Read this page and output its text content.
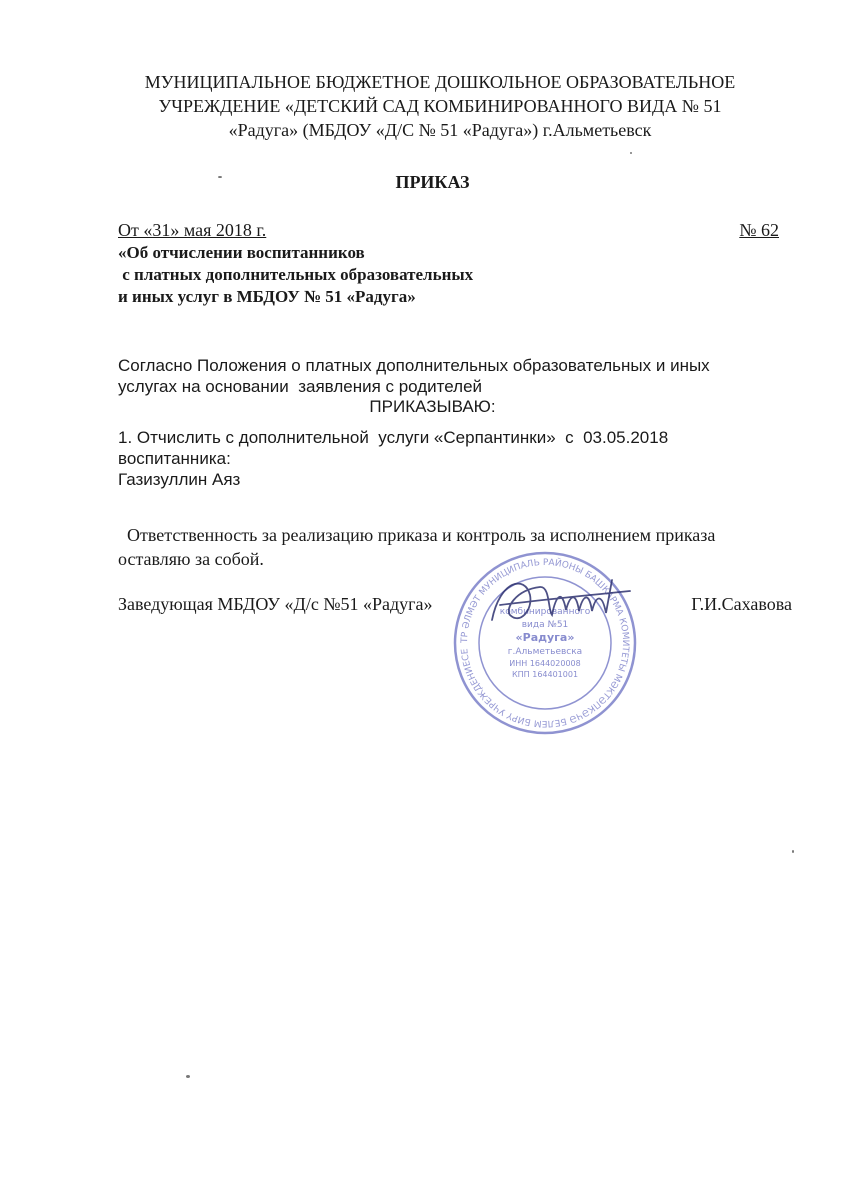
МУНИЦИПАЛЬНОЕ БЮДЖЕТНОЕ ДОШКОЛЬНОЕ ОБРАЗОВАТЕЛЬНОЕ
УЧРЕЖДЕНИЕ «ДЕТСКИЙ САД КОМБИНИРОВАННОГО ВИДА № 51
«Радуга» (МБДОУ «Д/С № 51 «Радуга») г.Альметьевск
ПРИКАЗ
От «31» мая 2018 г.	№ 62
«Об отчислении воспитанников
с платных дополнительных образовательных
и иных услуг в МБДОУ № 51 «Радуга»
Согласно Положения о платных дополнительных образовательных и иных
услугах на основании  заявления с родителей
ПРИКАЗЫВАЮ:
1. Отчислить с дополнительной  услуги «Серпантинки»  с  03.05.2018
воспитанника:
Газизуллин Аяз
Ответственность за реализацию приказа и контроль за исполнением приказа
оставляю за собой.
ТР ӘЛМӘТ МУНИЦИПАЛЬ РАЙОНЫ БАШКАРМА КОМИТЕТЫ МӘКТӘПКӘЧӘ БЕЛЕМ БИРҮ УЧРЕЖДЕНИЕСЕ
комбинированного
вида №51
«Радуга»
г.Альметьевска
ИНН 1644020008
КПП 164401001
Заведующая МБДОУ «Д/с №51 «Радуга»	Г.И.Сахавова
